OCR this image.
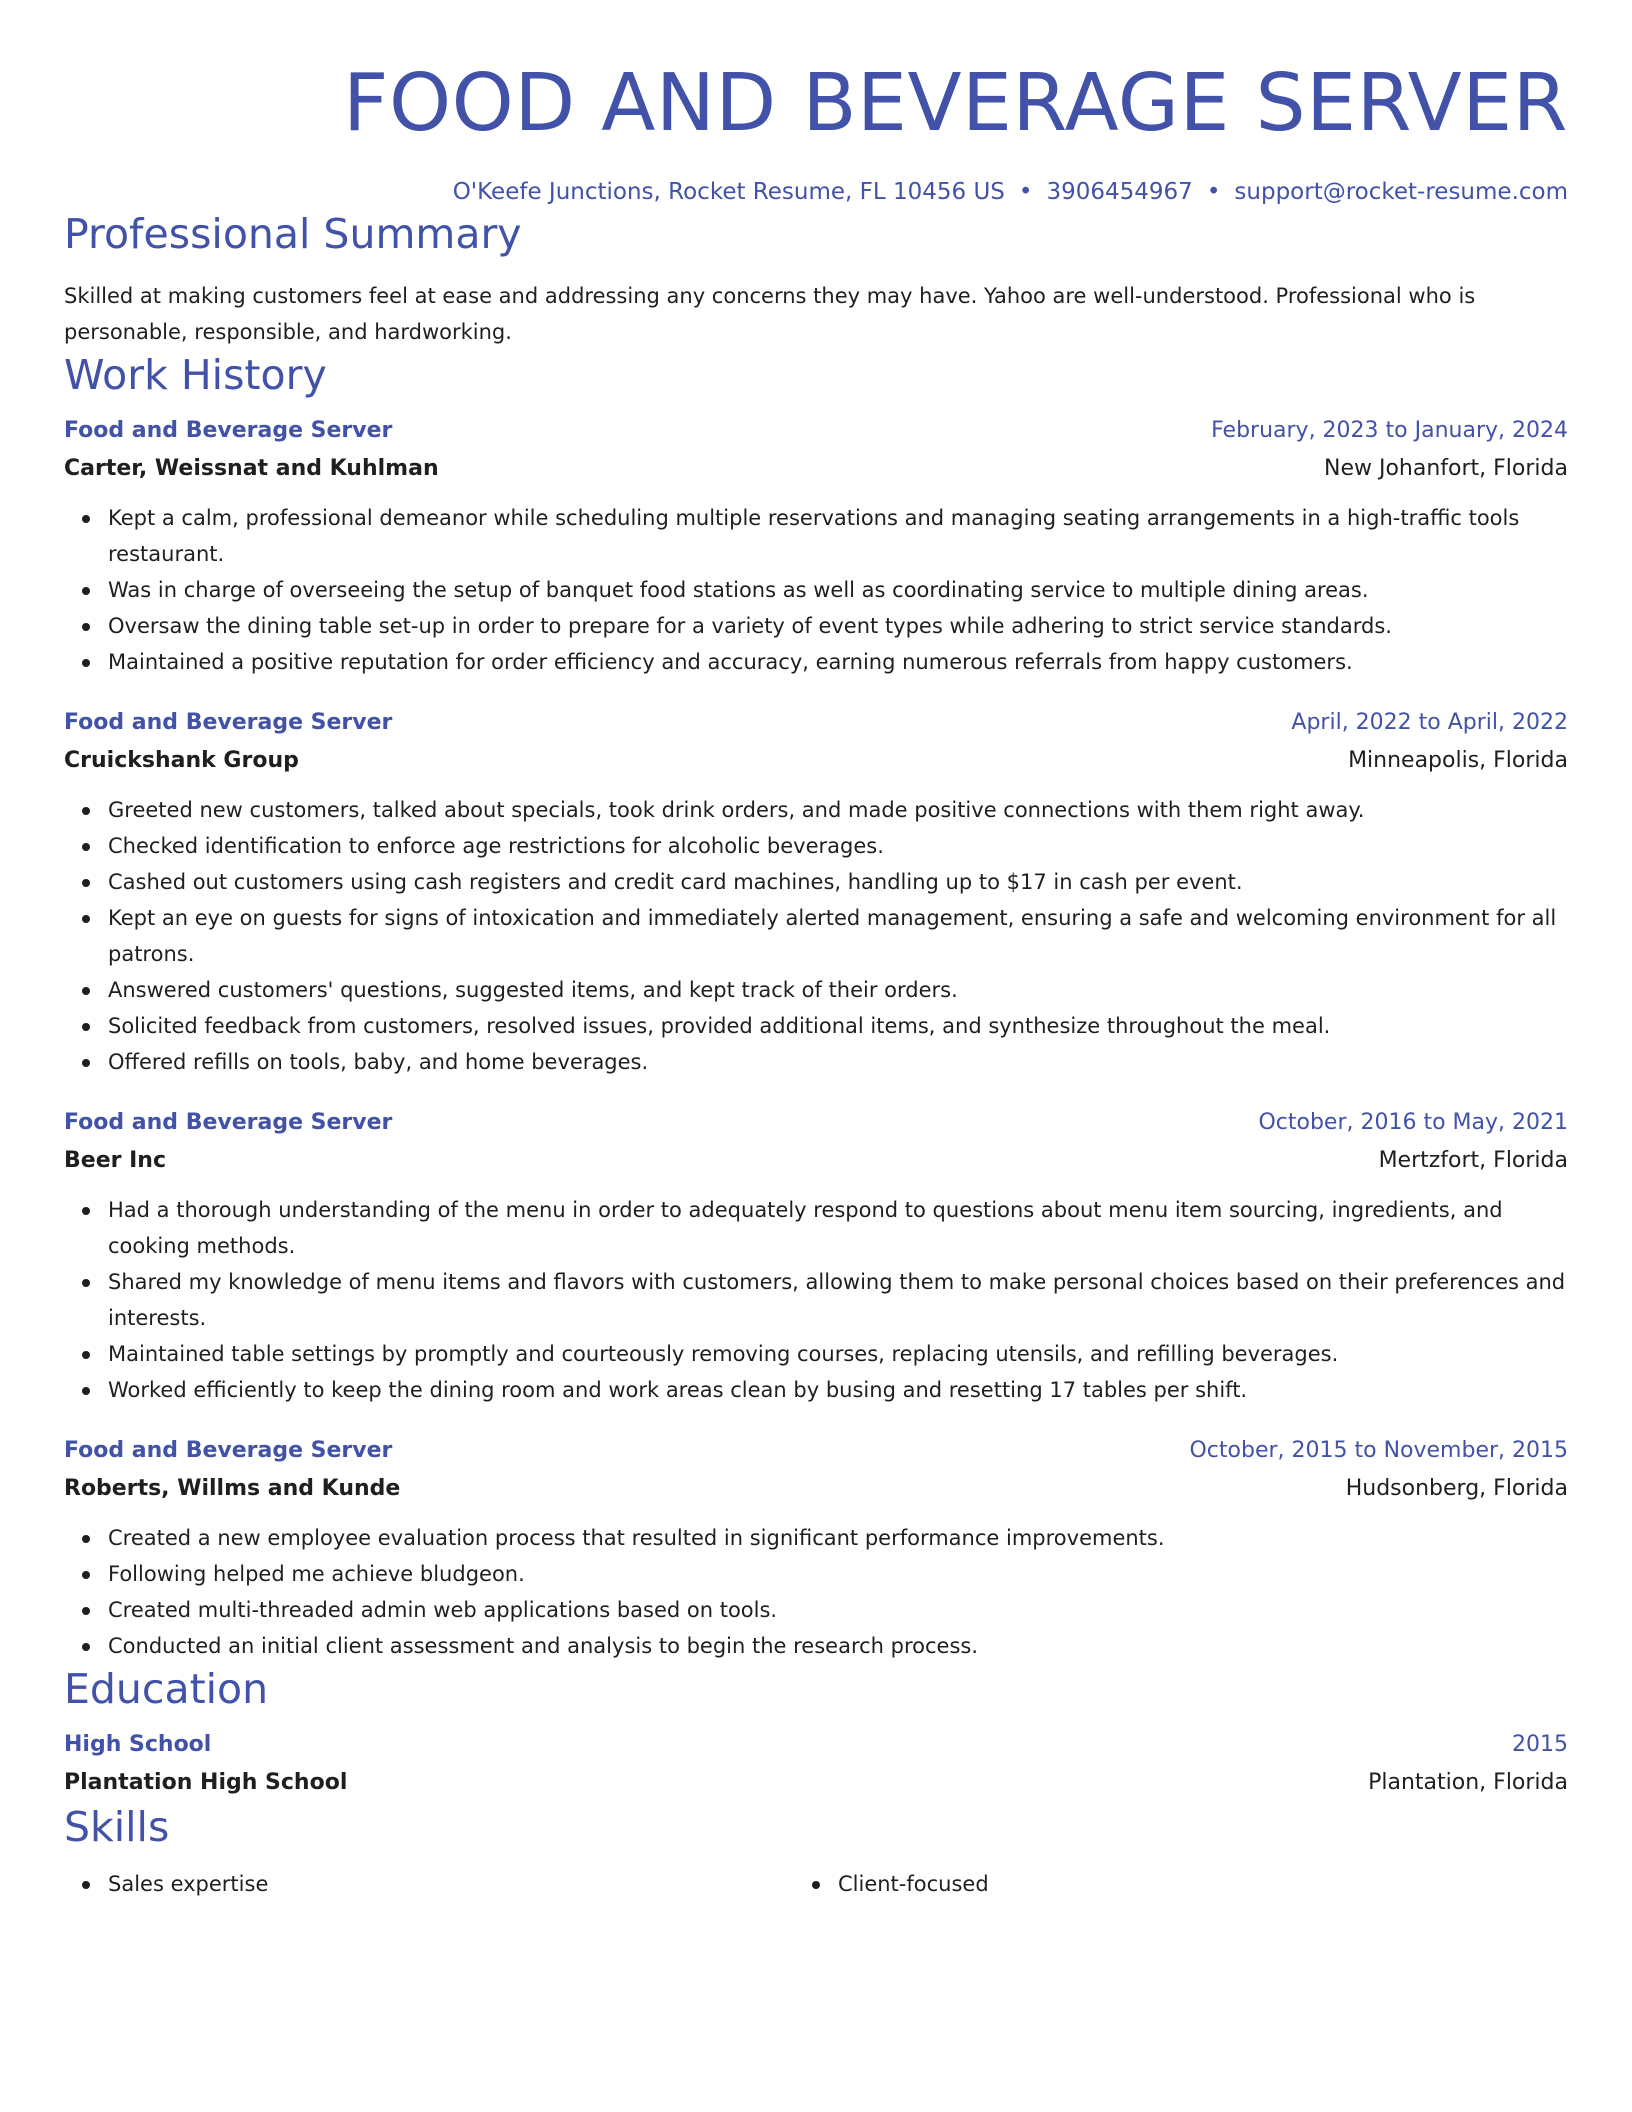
FOOD AND BEVERAGE SERVER
O'Keefe Junctions, Rocket Resume, FL 10456 US • 3906454967 • support@rocket-resume.com
Professional Summary
Skilled at making customers feel at ease and addressing any concerns they may have. Yahoo are well-understood. Professional who is personable, responsible, and hardworking.
Work History
Food and Beverage Server	February, 2023 to January, 2024
Carter, Weissnat and Kuhlman	New Johanfort, Florida
Kept a calm, professional demeanor while scheduling multiple reservations and managing seating arrangements in a high-traffic tools restaurant.
Was in charge of overseeing the setup of banquet food stations as well as coordinating service to multiple dining areas.
Oversaw the dining table set-up in order to prepare for a variety of event types while adhering to strict service standards.
Maintained a positive reputation for order efficiency and accuracy, earning numerous referrals from happy customers.
Food and Beverage Server	April, 2022 to April, 2022
Cruickshank Group	Minneapolis, Florida
Greeted new customers, talked about specials, took drink orders, and made positive connections with them right away.
Checked identification to enforce age restrictions for alcoholic beverages.
Cashed out customers using cash registers and credit card machines, handling up to $17 in cash per event.
Kept an eye on guests for signs of intoxication and immediately alerted management, ensuring a safe and welcoming environment for all patrons.
Answered customers' questions, suggested items, and kept track of their orders.
Solicited feedback from customers, resolved issues, provided additional items, and synthesize throughout the meal.
Offered refills on tools, baby, and home beverages.
Food and Beverage Server	October, 2016 to May, 2021
Beer Inc	Mertzfort, Florida
Had a thorough understanding of the menu in order to adequately respond to questions about menu item sourcing, ingredients, and cooking methods.
Shared my knowledge of menu items and flavors with customers, allowing them to make personal choices based on their preferences and interests.
Maintained table settings by promptly and courteously removing courses, replacing utensils, and refilling beverages.
Worked efficiently to keep the dining room and work areas clean by busing and resetting 17 tables per shift.
Food and Beverage Server	October, 2015 to November, 2015
Roberts, Willms and Kunde	Hudsonberg, Florida
Created a new employee evaluation process that resulted in significant performance improvements.
Following helped me achieve bludgeon.
Created multi-threaded admin web applications based on tools.
Conducted an initial client assessment and analysis to begin the research process.
Education
High School	2015
Plantation High School	Plantation, Florida
Skills
Sales expertise	Client-focused
